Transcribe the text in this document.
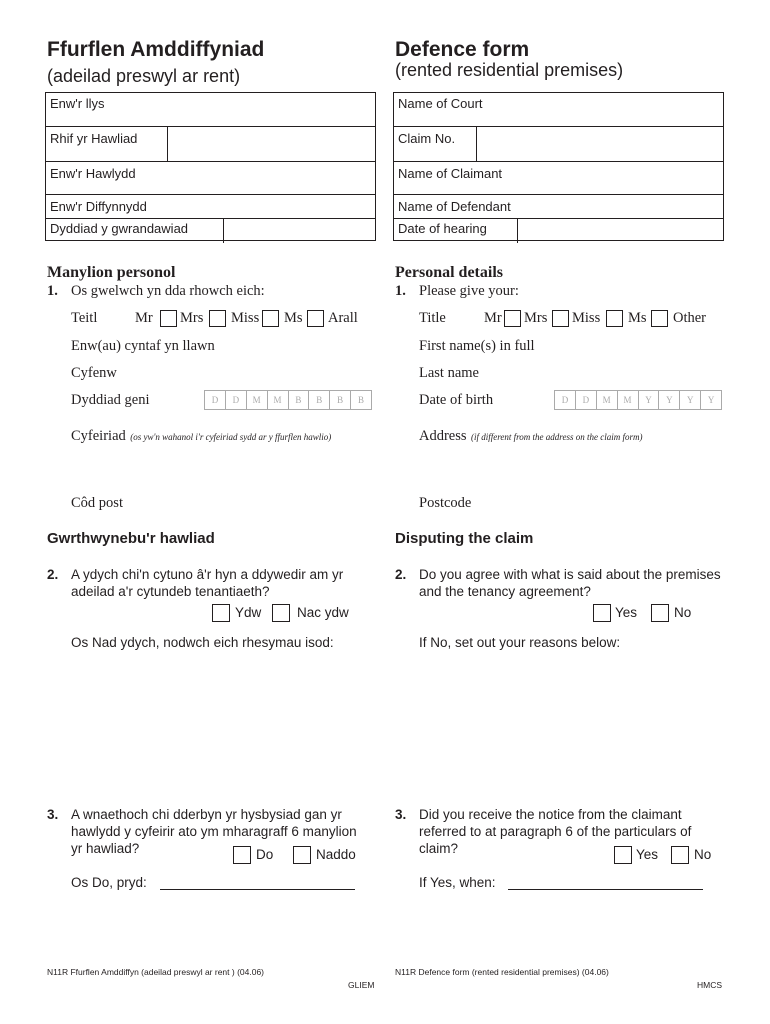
Ffurflen Amddiffyniad
(adeilad preswyl ar rent)
Defence form
(rented residential premises)
Enw'r llys
Rhif yr Hawliad
Enw'r Hawlydd
Enw'r Diffynnydd
Dyddiad y gwrandawiad
Name of Court
Claim No.
Name of Claimant
Name of Defendant
Date of hearing
Manylion personol	Personal details
1. Os gwelwch yn dda rhowch eich:	1. Please give your:
Teitl	Mr Mrs Miss Ms Arall	Title	Mr Mrs Miss Ms Other
Enw(au) cyntaf yn llawn	First name(s) in full
Cyfenw	Last name
Dyddiad geni	D	D	M	M	B	B	B	B	Date of birth	D	D	M	M	Y	Y	Y	Y
Cyfeiriad (os yw'n wahanol i'r cyfeiriad sydd ar y ffurflen hawlio)	Address (if different from the address on the claim form)
Côd post	Postcode
Gwrthwynebu'r hawliad	Disputing the claim
2. A ydych chi'n cytuno â'r hyn a ddywedir am yr
adeilad a'r cytundeb tenantiaeth?
2. Do you agree with what is said about the premises
and the tenancy agreement?
Ydw	Nac ydw	Yes	No
Os Nad ydych, nodwch eich rhesymau isod:	If No, set out your reasons below:
3. A wnaethoch chi dderbyn yr hysbysiad gan yr
hawlydd y cyfeirir ato ym mharagraff 6 manylion
yr hawliad?	Do	Naddo
3. Did you receive the notice from the claimant
referred to at paragraph 6 of the particulars of
claim?	Yes	No
Os Do, pryd:	If Yes, when:
N11R Ffurflen Amddiffyn (adeilad preswyl ar rent ) (04.06)	N11R Defence form (rented residential premises) (04.06)
GLIEM	HMCS
